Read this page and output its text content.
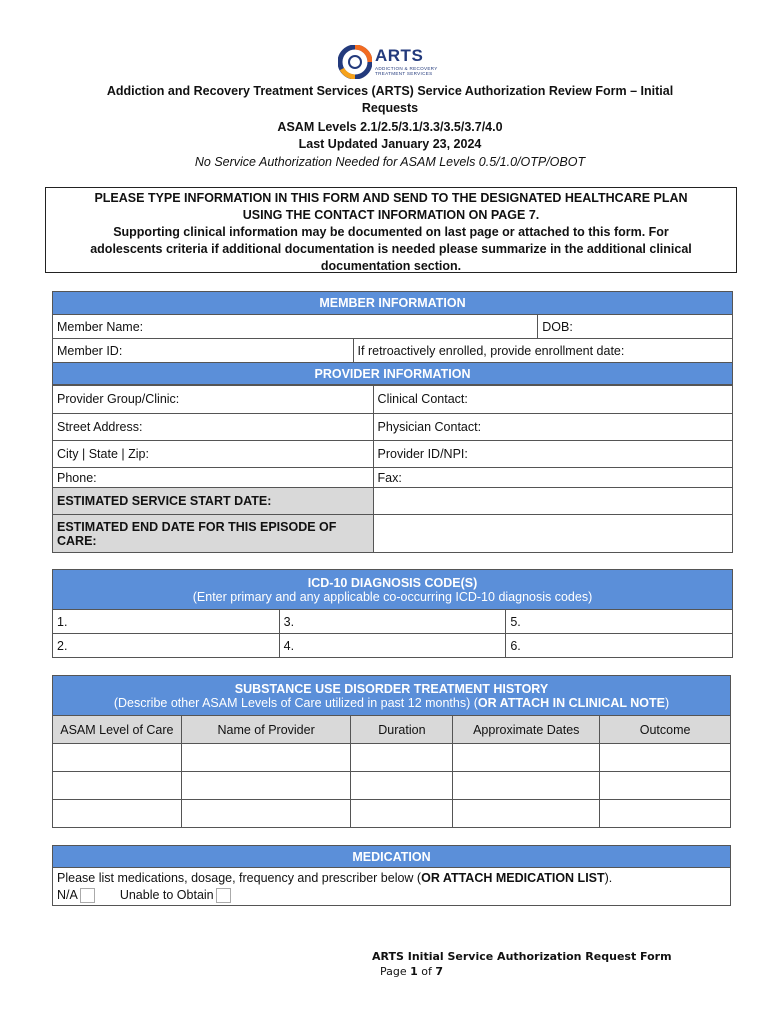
ARTS
ADDICTION & RECOVERY
TREATMENT SERVICES
Addiction and Recovery Treatment Services (ARTS) Service Authorization Review Form – Initial
Requests
ASAM Levels 2.1/2.5/3.1/3.3/3.5/3.7/4.0
Last Updated January 23, 2024
No Service Authorization Needed for ASAM Levels 0.5/1.0/OTP/OBOT
PLEASE TYPE INFORMATION IN THIS FORM AND SEND TO THE DESIGNATED HEALTHCARE PLAN
USING THE CONTACT INFORMATION ON PAGE 7.
Supporting clinical information may be documented on last page or attached to this form. For
adolescents criteria if additional documentation is needed please summarize in the additional clinical
documentation section.
MEMBER INFORMATION		
Member Name:		DOB:
Member ID:	If retroactively enrolled, provide enrollment date:	
PROVIDER INFORMATION		
Provider Group/Clinic:	Clinical Contact:
Street Address:	Physician Contact:
City | State | Zip:	Provider ID/NPI:
Phone:	Fax:
ESTIMATED SERVICE START DATE:	
ESTIMATED END DATE FOR THIS EPISODE OF CARE:	
ICD-10 DIAGNOSIS CODE(S)
(Enter primary and any applicable co-occurring ICD-10 diagnosis codes)		

1.	3.	5.
2.	4.	6.
SUBSTANCE USE DISORDER TREATMENT HISTORY
(Describe other ASAM Levels of Care utilized in past 12 months) (OR ATTACH IN CLINICAL NOTE)				

ASAM Level of Care	Name of Provider	Duration	Approximate Dates	Outcome

MEDICATION

Please list medications, dosage, frequency and prescriber below (OR ATTACH MEDICATION LIST).
N/A	Unable to Obtain
ARTS Initial Service Authorization Request Form
Page 1 of 7
